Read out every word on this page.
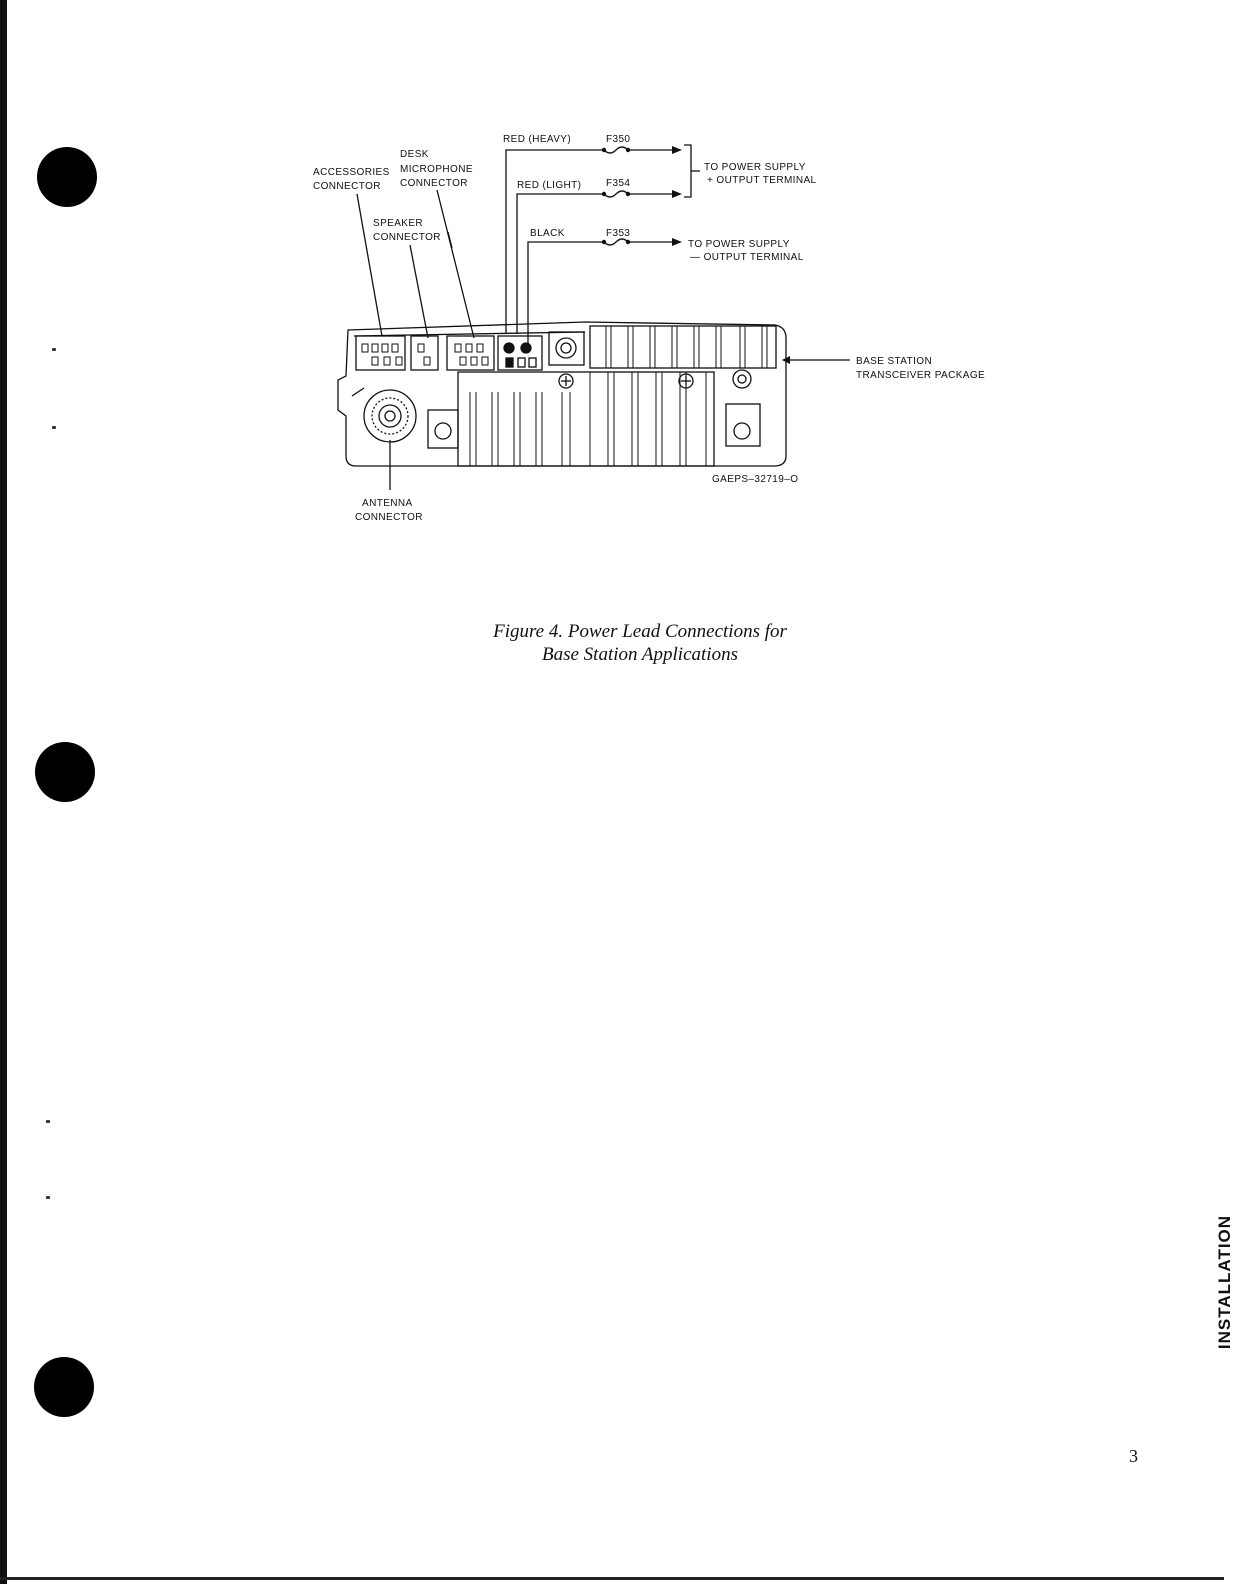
DESK
MICROPHONE
CONNECTOR
ACCESSORIES
CONNECTOR
SPEAKER
CONNECTOR
RED (HEAVY)	F350
RED (LIGHT) F354
BLACK	F353
TO POWER SUPPLY
+ OUTPUT TERMINAL
TO POWER SUPPLY
— OUTPUT TERMINAL
BASE STATION
TRANSCEIVER PACKAGE
GAEPS–32719–O
ANTENNA
CONNECTOR
Figure 4. Power Lead Connections for
Base Station Applications
INSTALLATION
3
